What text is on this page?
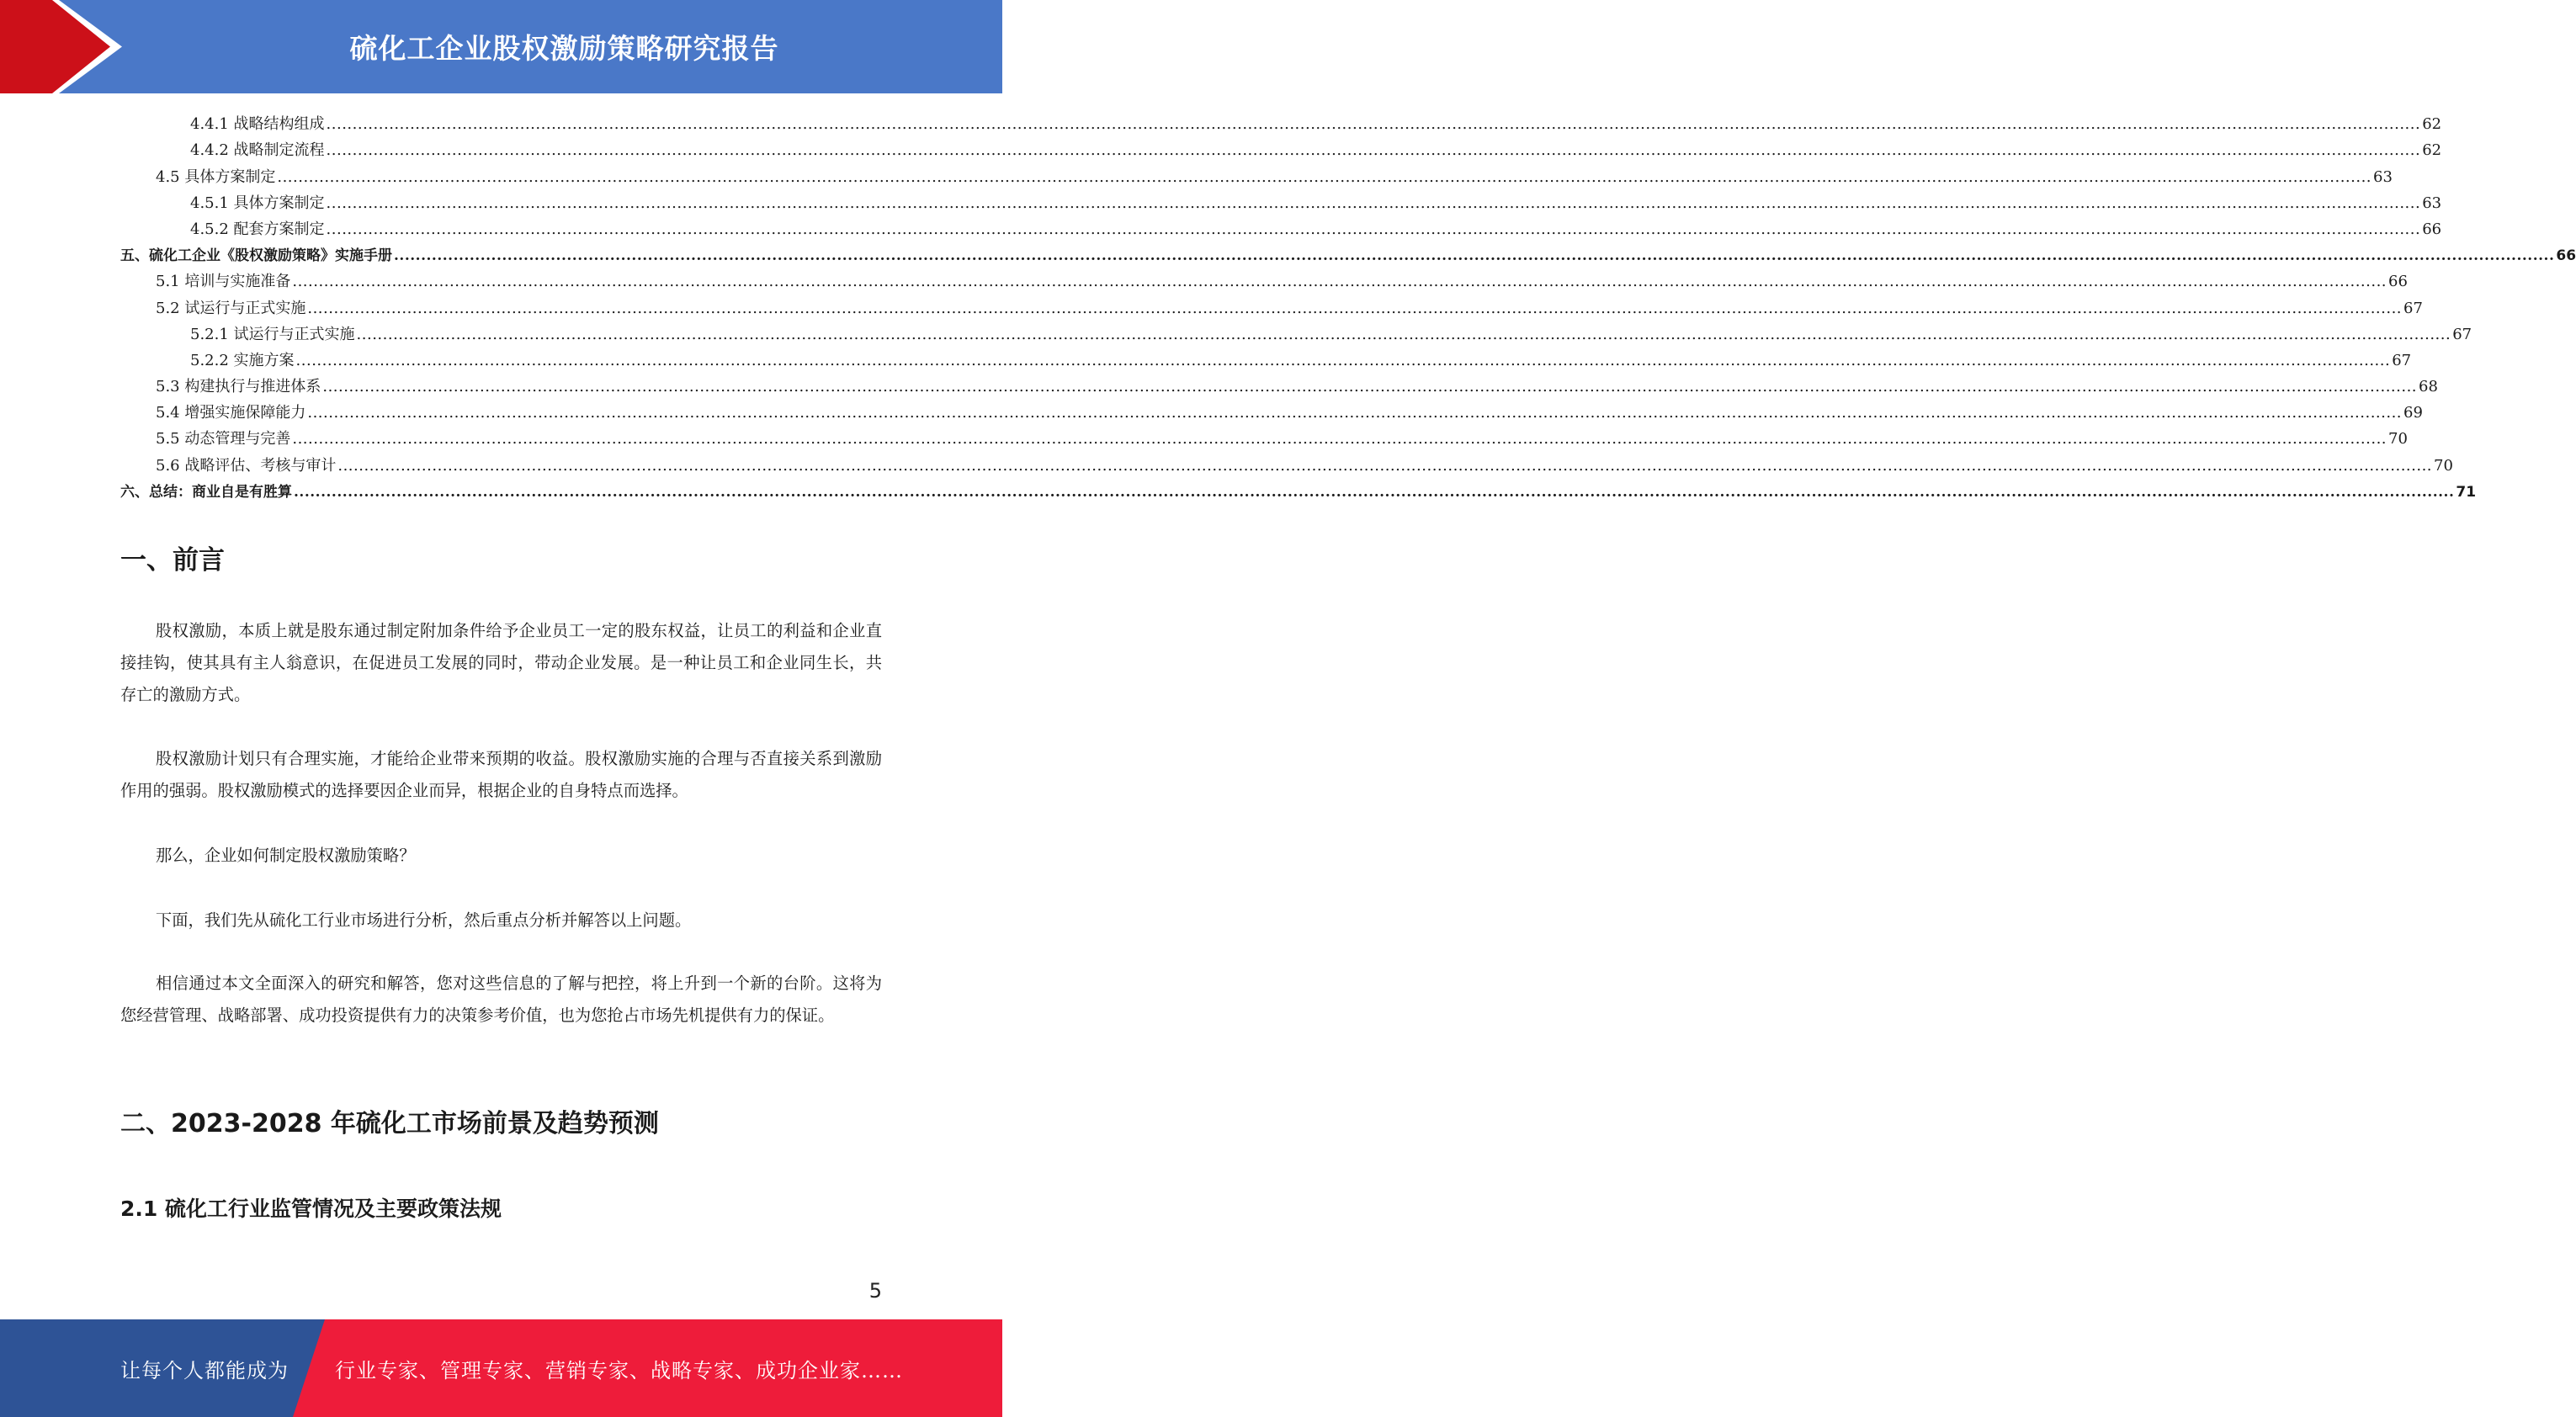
硫化工企业股权激励策略研究报告
4.4.1 战略结构组成 ................................................................................................................................................................................................................................................................................................................................................................................................................ 62
4.4.2 战略制定流程 ................................................................................................................................................................................................................................................................................................................................................................................................................ 62
4.5 具体方案制定 ................................................................................................................................................................................................................................................................................................................................................................................................................ 63
4.5.1 具体方案制定 ................................................................................................................................................................................................................................................................................................................................................................................................................ 63
4.5.2 配套方案制定 ................................................................................................................................................................................................................................................................................................................................................................................................................ 66
五、硫化工企业《股权激励策略》实施手册 ................................................................................................................................................................................................................................................................................................................................................................................................................ 66
5.1 培训与实施准备 ................................................................................................................................................................................................................................................................................................................................................................................................................ 66
5.2 试运行与正式实施 ................................................................................................................................................................................................................................................................................................................................................................................................................ 67
5.2.1 试运行与正式实施 ................................................................................................................................................................................................................................................................................................................................................................................................................ 67
5.2.2 实施方案 ................................................................................................................................................................................................................................................................................................................................................................................................................ 67
5.3 构建执行与推进体系 ................................................................................................................................................................................................................................................................................................................................................................................................................ 68
5.4 增强实施保障能力 ................................................................................................................................................................................................................................................................................................................................................................................................................ 69
5.5 动态管理与完善 ................................................................................................................................................................................................................................................................................................................................................................................................................ 70
5.6 战略评估、考核与审计 ................................................................................................................................................................................................................................................................................................................................................................................................................ 70
六、总结：商业自是有胜算 ................................................................................................................................................................................................................................................................................................................................................................................................................ 71
一、前言

股权激励，本质上就是股东通过制定附加条件给予企业员工一定的股东权益，让员工的利益和企业直接挂钩，使其具有主人翁意识，在促进员工发展的同时，带动企业发展。是一种让员工和企业同生长，共存亡的激励方式。

股权激励计划只有合理实施，才能给企业带来预期的收益。股权激励实施的合理与否直接关系到激励作用的强弱。股权激励模式的选择要因企业而异，根据企业的自身特点而选择。

那么，企业如何制定股权激励策略？

下面，我们先从硫化工行业市场进行分析，然后重点分析并解答以上问题。

相信通过本文全面深入的研究和解答，您对这些信息的了解与把控，将上升到一个新的台阶。这将为您经营管理、战略部署、成功投资提供有力的决策参考价值，也为您抢占市场先机提供有力的保证。

二、2023-2028 年硫化工市场前景及趋势预测
2.1 硫化工行业监管情况及主要政策法规
5
让每个人都能成为 行业专家、管理专家、营销专家、战略专家、成功企业家……
